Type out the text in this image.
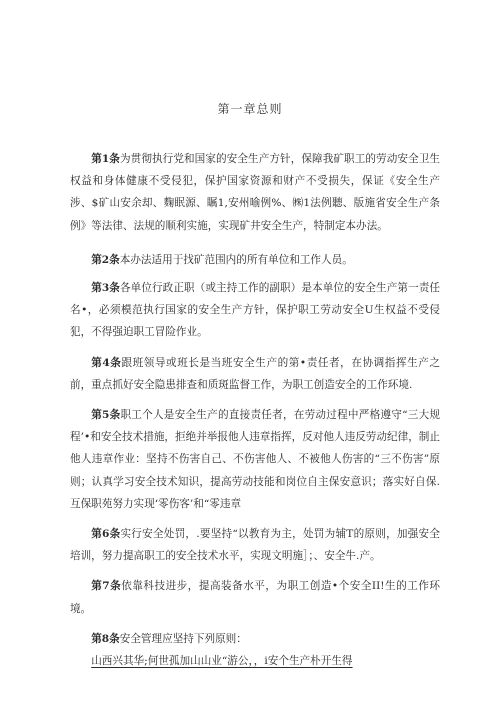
第一章总则

第1条为贯彻执行党和国家的安全生产方针，保障我矿职工的劳动安全卫生权益和身体健康不受侵犯，保护国家资源和财产不受损失，保证《安全生产涉、$矿山安余却、麴眠源、瞩1,安州喻例%、㈱1法例聽、版施省安全生产条例》等法律、法规的顺利实施，实现矿井安全生产，特制定本办法。

第2条本办法适用于找矿范围内的所有单位和工作人员。

第3条各单位行政正职（或主持工作的副职）是本单位的安全生产第一责任名•，必须模范执行国家的安全生产方针，保护职工劳动安全U生权益不受侵犯，不得强迫职工冒险作业。

第4条跟班领导或班长是当班安全生产的第•责任者，在协调指挥生产之前，重点抓好安全隐患排查和质斑监督工作，为职工创造安全的工作环境.

第5条职工个人是安全生产的直接责任者，在劳动过程中严格遵守“三大规程’•和安全技术措施，拒绝并举报他人违章指挥，反对他人违反劳动纪律，制止他人违章作业：坚持不伤害自己、不伤害他人、不被他人伤害的“三不伤害”原则；认真学习安全技术知识，提高劳动技能和岗位自主保安意识；落实好自保.互保职苑努力实现‘零伤客’和“零违章

第6条实行安全处罚，.要坚持“以教育为主，处罚为辅T的原则，加强安全培训，努力提高职工的安全技术水平，实现文明施］；、安全牛.产。

第7条依靠科技进步，提高装备水平，为职工创造•个安全II!生的工作环境。

第8条安全管理应坚持下列原则：

山西兴其华;何世孤加山山业“游公，，i安个生产朴开生得
